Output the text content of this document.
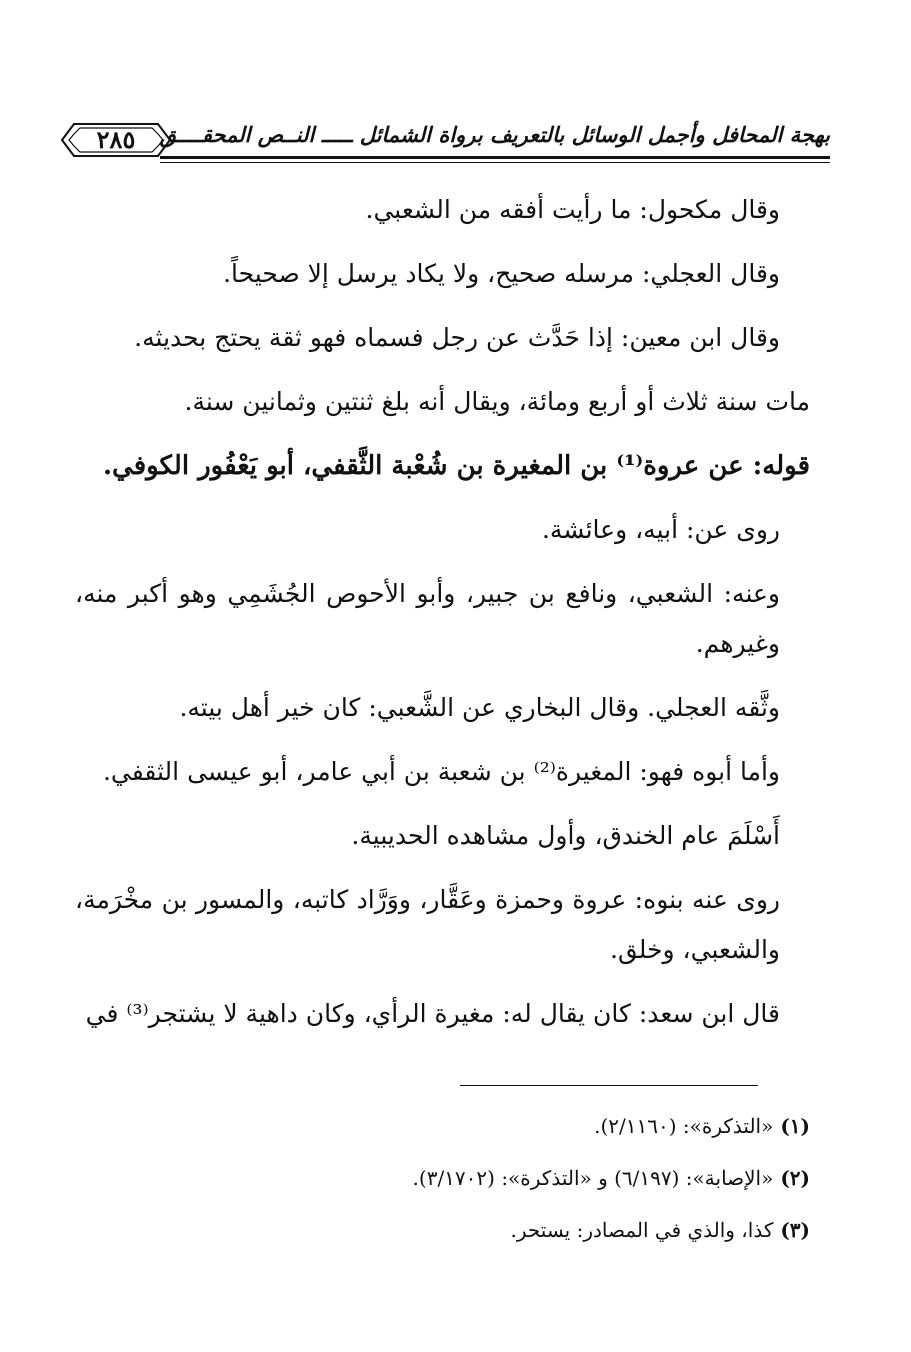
بهجة المحافل وأجمل الوسائل بالتعريف برواة الشمائل ـــــ النــص المحقــــق
٢٨٥

وقال مكحول: ما رأيت أفقه من الشعبي.

وقال العجلي: مرسله صحيح، ولا يكاد يرسل إلا صحيحاً.

وقال ابن معين: إذا حَدَّث عن رجل فسماه فهو ثقة يحتج بحديثه.

مات سنة ثلاث أو أربع ومائة، ويقال أنه بلغ ثنتين وثمانين سنة.

قوله: عن عروة⁽¹⁾ بن المغيرة بن شُعْبة الثَّقفي، أبو يَعْفُور الكوفي.

روى عن: أبيه، وعائشة.

وعنه: الشعبي، ونافع بن جبير، وأبو الأحوص الجُشَمِي وهو أكبر منه، وغيرهم.

وثَّقه العجلي. وقال البخاري عن الشَّعبي: كان خير أهل بيته.

وأما أبوه فهو: المغيرة⁽²⁾ بن شعبة بن أبي عامر، أبو عيسى الثقفي.

أَسْلَمَ عام الخندق، وأول مشاهده الحديبية.

روى عنه بنوه: عروة وحمزة وعَقَّار، ووَرَّاد كاتبه، والمسور بن مخْرَمة، والشعبي، وخلق.

قال ابن سعد: كان يقال له: مغيرة الرأي، وكان داهية لا يشتجر⁽³⁾ في

(١) «التذكرة»: (٢/١١٦٠).

(٢) «الإصابة»: (٦/١٩٧) و «التذكرة»: (٣/١٧٠٢).

(٣) كذا، والذي في المصادر: يستحر.
